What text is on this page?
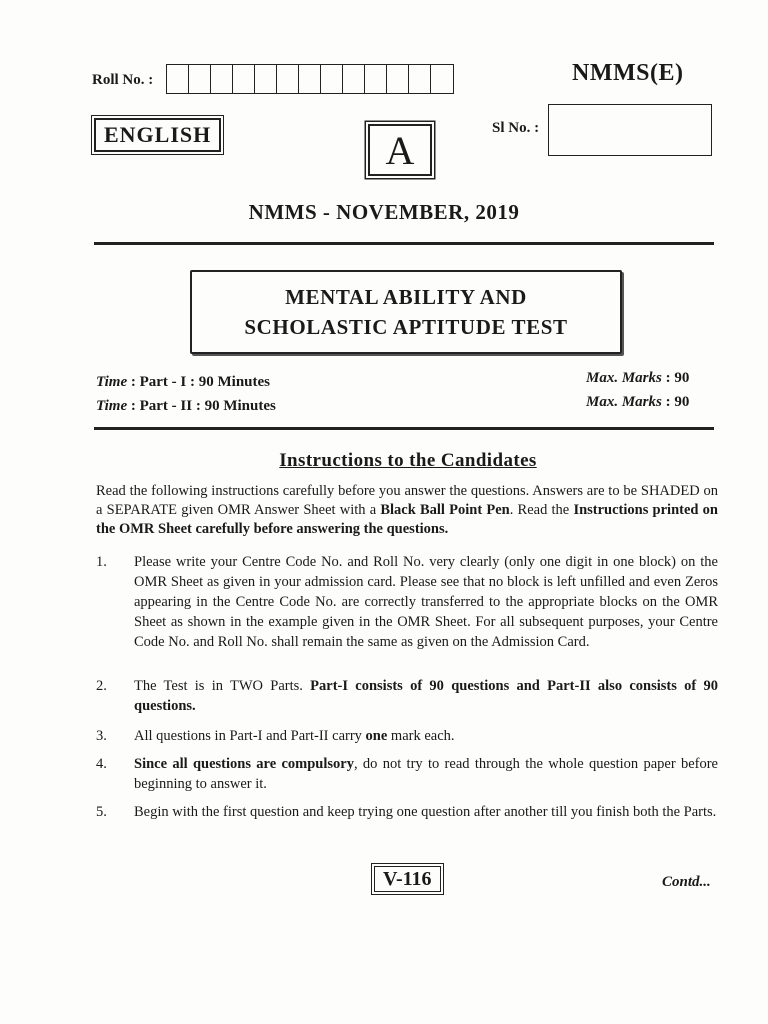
Roll No. :	NMMS(E)
ENGLISH	A	Sl No. :
NMMS - NOVEMBER, 2019
MENTAL ABILITY AND
SCHOLASTIC APTITUDE TEST
Time : Part - I : 90 Minutes
Time : Part - II : 90 Minutes
Max. Marks : 90
Max. Marks : 90
Instructions to the Candidates
Read the following instructions carefully before you answer the questions. Answers are to be SHADED on a SEPARATE given OMR Answer Sheet with a Black Ball Point Pen. Read the Instructions printed on the OMR Sheet carefully before answering the questions.
1.	Please write your Centre Code No. and Roll No. very clearly (only one digit in one block) on the OMR Sheet as given in your admission card. Please see that no block is left unfilled and even Zeros appearing in the Centre Code No. are correctly transferred to the appropriate blocks on the OMR Sheet as shown in the example given in the OMR Sheet. For all subsequent purposes, your Centre Code No. and Roll No. shall remain the same as given on the Admission Card.
2.	The Test is in TWO Parts. Part-I consists of 90 questions and Part-II also consists of 90 questions.
3.	All questions in Part-I and Part-II carry one mark each.
4.	Since all questions are compulsory, do not try to read through the whole question paper before beginning to answer it.
5.	Begin with the first question and keep trying one question after another till you finish both the Parts.
V-116	Contd...
